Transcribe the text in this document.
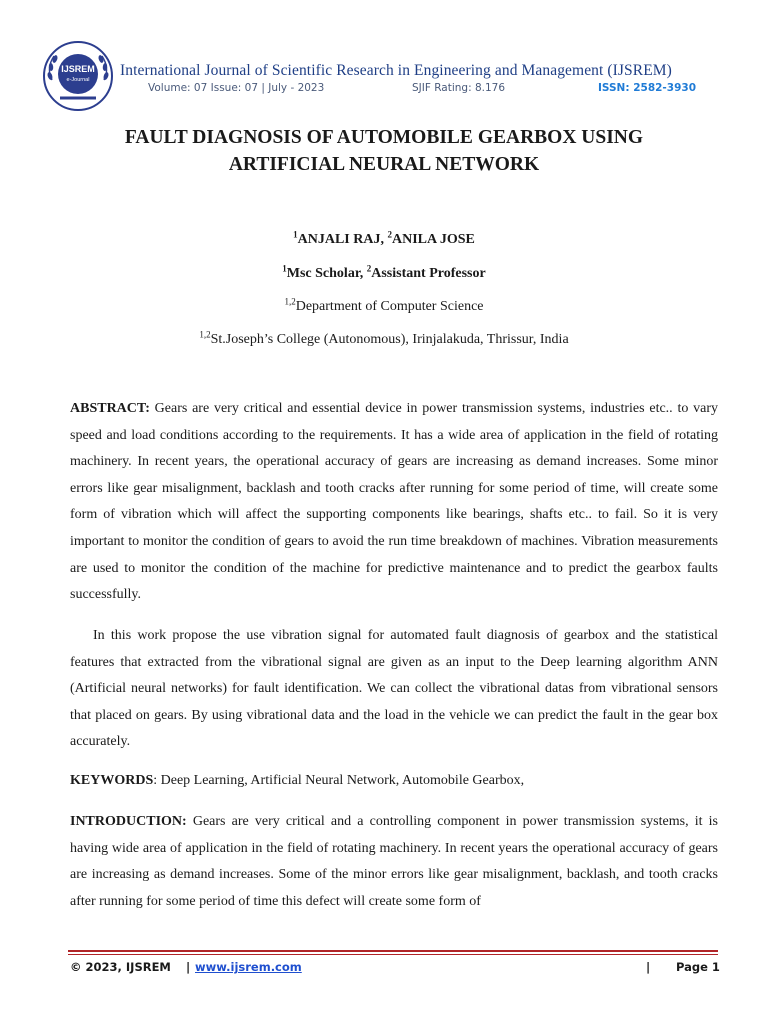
IJSREM
e-Journal
International Journal of Scientific Research in Engineering and Management (IJSREM)
Volume: 07 Issue: 07 | July - 2023	SJIF Rating: 8.176	ISSN: 2582-3930
FAULT DIAGNOSIS OF AUTOMOBILE GEARBOX USING
ARTIFICIAL NEURAL NETWORK
$^1$ANJALI RAJ, $^2$ANILA JOSE
$^1$Msc Scholar, $^2$Assistant Professor
$^{1,2}$Department of Computer Science
$^{1,2}$St.Joseph’s College (Autonomous), Irinjalakuda, Thrissur, India
ABSTRACT: Gears are very critical and essential device in power transmission systems, industries etc.. to vary speed and load conditions according to the requirements. It has a wide area of application in the field of rotating machinery. In recent years, the operational accuracy of gears are increasing as demand increases. Some minor errors like gear misalignment, backlash and tooth cracks after running for some period of time, will create some form of vibration which will affect the supporting components like bearings, shafts etc.. to fail. So it is very important to monitor the condition of gears to avoid the run time breakdown of machines. Vibration measurements are used to monitor the condition of the machine for predictive maintenance and to predict the gearbox faults successfully.
In this work propose the use vibration signal for automated fault diagnosis of gearbox and the statistical features that extracted from the vibrational signal are given as an input to the Deep learning algorithm ANN (Artificial neural networks) for fault identification. We can collect the vibrational datas from vibrational sensors that placed on gears. By using vibrational data and the load in the vehicle we can predict the fault in the gear box accurately.
KEYWORDS: Deep Learning, Artificial Neural Network, Automobile Gearbox,
INTRODUCTION: Gears are very critical and a controlling component in power transmission systems, it is having wide area of application in the field of rotating machinery. In recent years the operational accuracy of gears are increasing as demand increases. Some of the minor errors like gear misalignment, backlash, and tooth cracks after running for some period of time this defect will create some form of
© 2023, IJSREM | www.ijsrem.com	| Page 1
